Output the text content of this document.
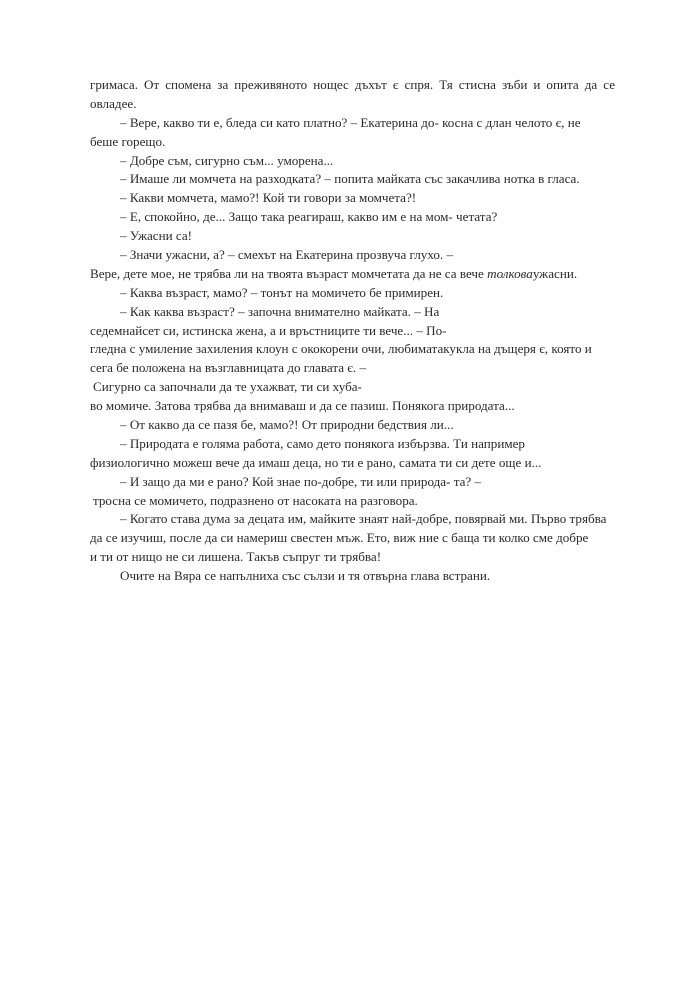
гримаса. От спомена за преживяното нощес дъхът є спря. Тя стисна зъби и опита да се
овладее.
– Вере, какво ти е, бледа си като платно? – Екатерина до- косна с длан челото є, не
беше горещо.
– Добре съм, сигурно съм... уморена...
– Имаше ли момчета на разходката? – попита майката със закачлива нотка в гласа.
– Какви момчета, мамо?! Кой ти говори за момчета?!
– Е, спокойно, де... Защо така реагираш, какво им е на мом- четата?
– Ужасни са!
– Значи ужасни, а? – смехът на Екатерина прозвуча глухо. –
Вере, дете мое, не трябва ли на твоята възраст момчетата да не са вече толковаужасни.
– Каква възраст, мамо? – тонът на момичето бе примирен.
– Как каква възраст? – започна внимателно майката. – На
седемнайсет си, истинска жена, а и връстниците ти вече... – По-
гледна с умиление захиления клоун с ококорени очи, любиматакукла на дъщеря є, която и
сега бе положена на възглавницата до главата є. –
Сигурно са започнали да те ухажват, ти си хуба-
во момиче. Затова трябва да внимаваш и да се пазиш. Понякога природата...
– От какво да се пазя бе, мамо?! От природни бедствия ли...
– Природата е голяма работа, само дето понякога избързва. Ти например
физиологично можеш вече да имаш деца, но ти е рано, самата ти си дете още и...
– И защо да ми е рано? Кой знае по-добре, ти или природа- та? –
тросна се момичето, подразнено от насоката на разговора.
– Когато става дума за децата им, майките знаят най-добре, повярвай ми. Първо трябва
да се изучиш, после да си намериш свестен мъж. Ето, виж ние с баща ти колко сме добре
и ти от нищо не си лишена. Такъв съпруг ти трябва!
Очите на Вяра се напълниха със сълзи и тя отвърна глава встрани.
